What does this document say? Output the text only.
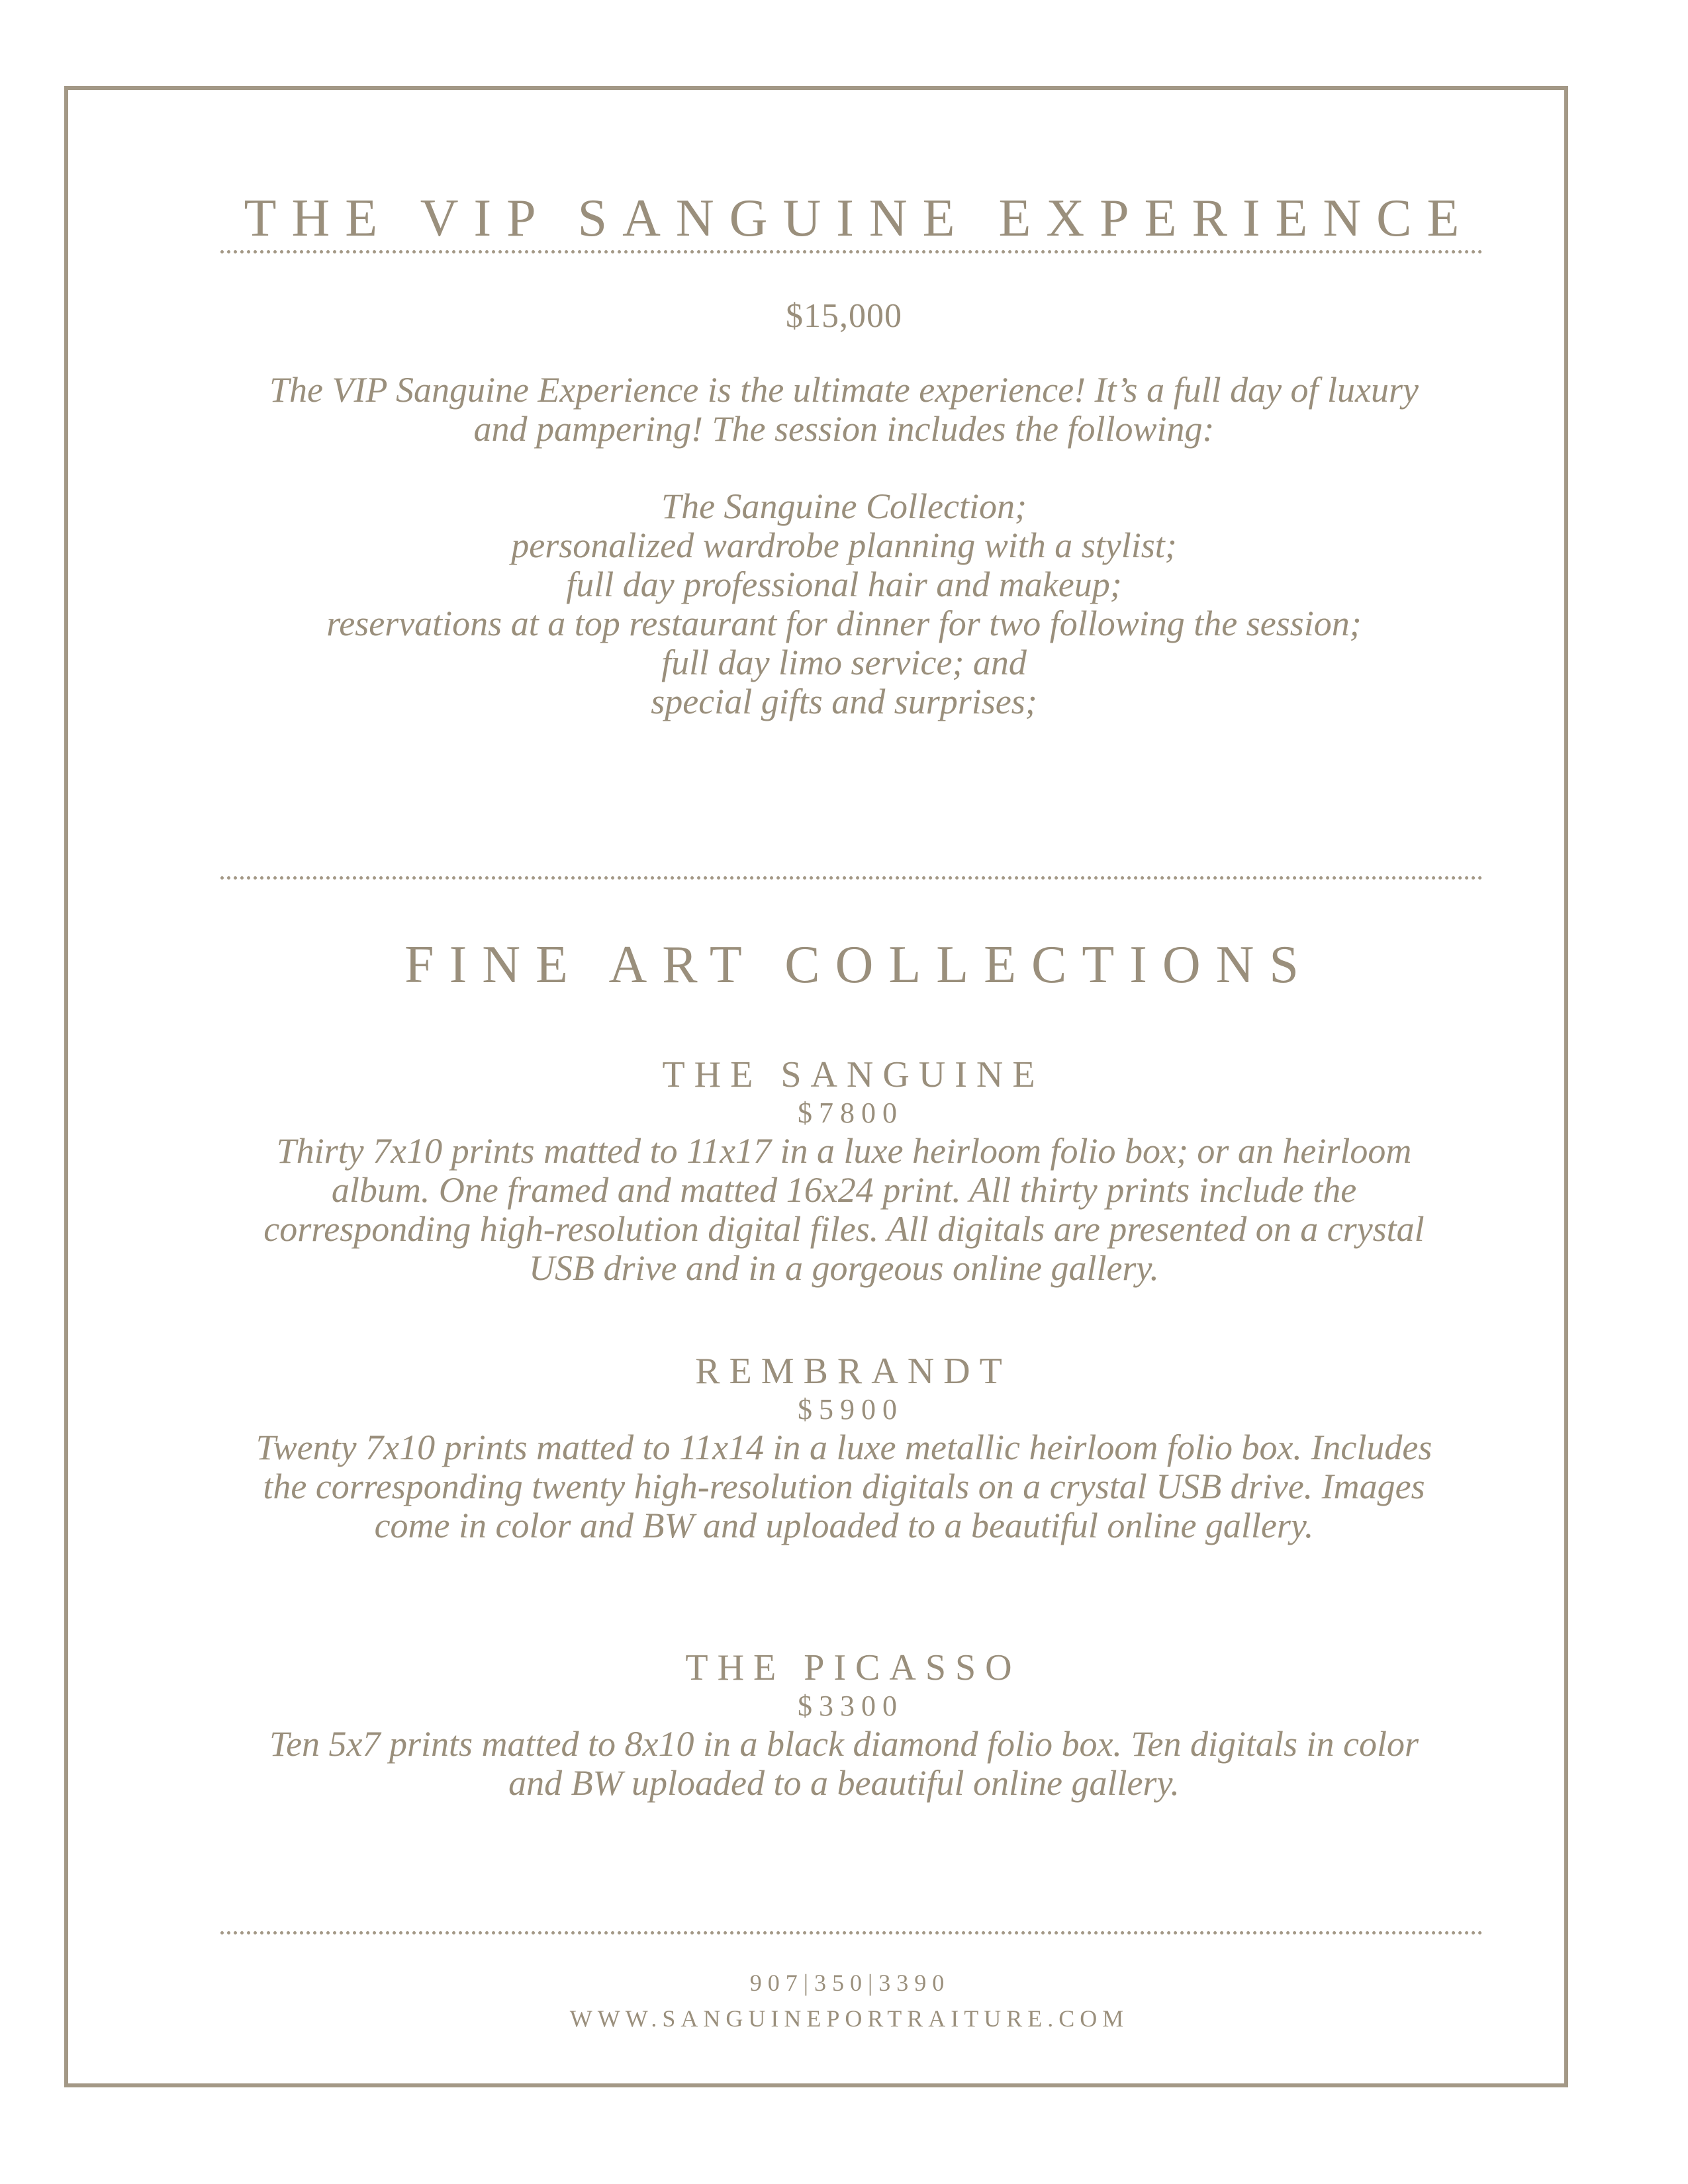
THE VIP SANGUINE EXPERIENCE
$15,000
The VIP Sanguine Experience is the ultimate experience! It’s a full day of luxury
and pampering! The session includes the following:
The Sanguine Collection;
personalized wardrobe planning with a stylist;
full day professional hair and makeup;
reservations at a top restaurant for dinner for two following the session;
full day limo service; and
special gifts and surprises;
FINE ART COLLECTIONS
THE SANGUINE
$7800
Thirty 7x10 prints matted to 11x17 in a luxe heirloom folio box; or an heirloom
album. One framed and matted 16x24 print. All thirty prints include the
corresponding high-resolution digital files. All digitals are presented on a crystal
USB drive and in a gorgeous online gallery.
REMBRANDT
$5900
Twenty 7x10 prints matted to 11x14 in a luxe metallic heirloom folio box. Includes
the corresponding twenty high-resolution digitals on a crystal USB drive. Images
come in color and BW and uploaded to a beautiful online gallery.
THE PICASSO
$3300
Ten 5x7 prints matted to 8x10 in a black diamond folio box. Ten digitals in color
and BW uploaded to a beautiful online gallery.
907|350|3390
WWW.SANGUINEPORTRAITURE.COM
